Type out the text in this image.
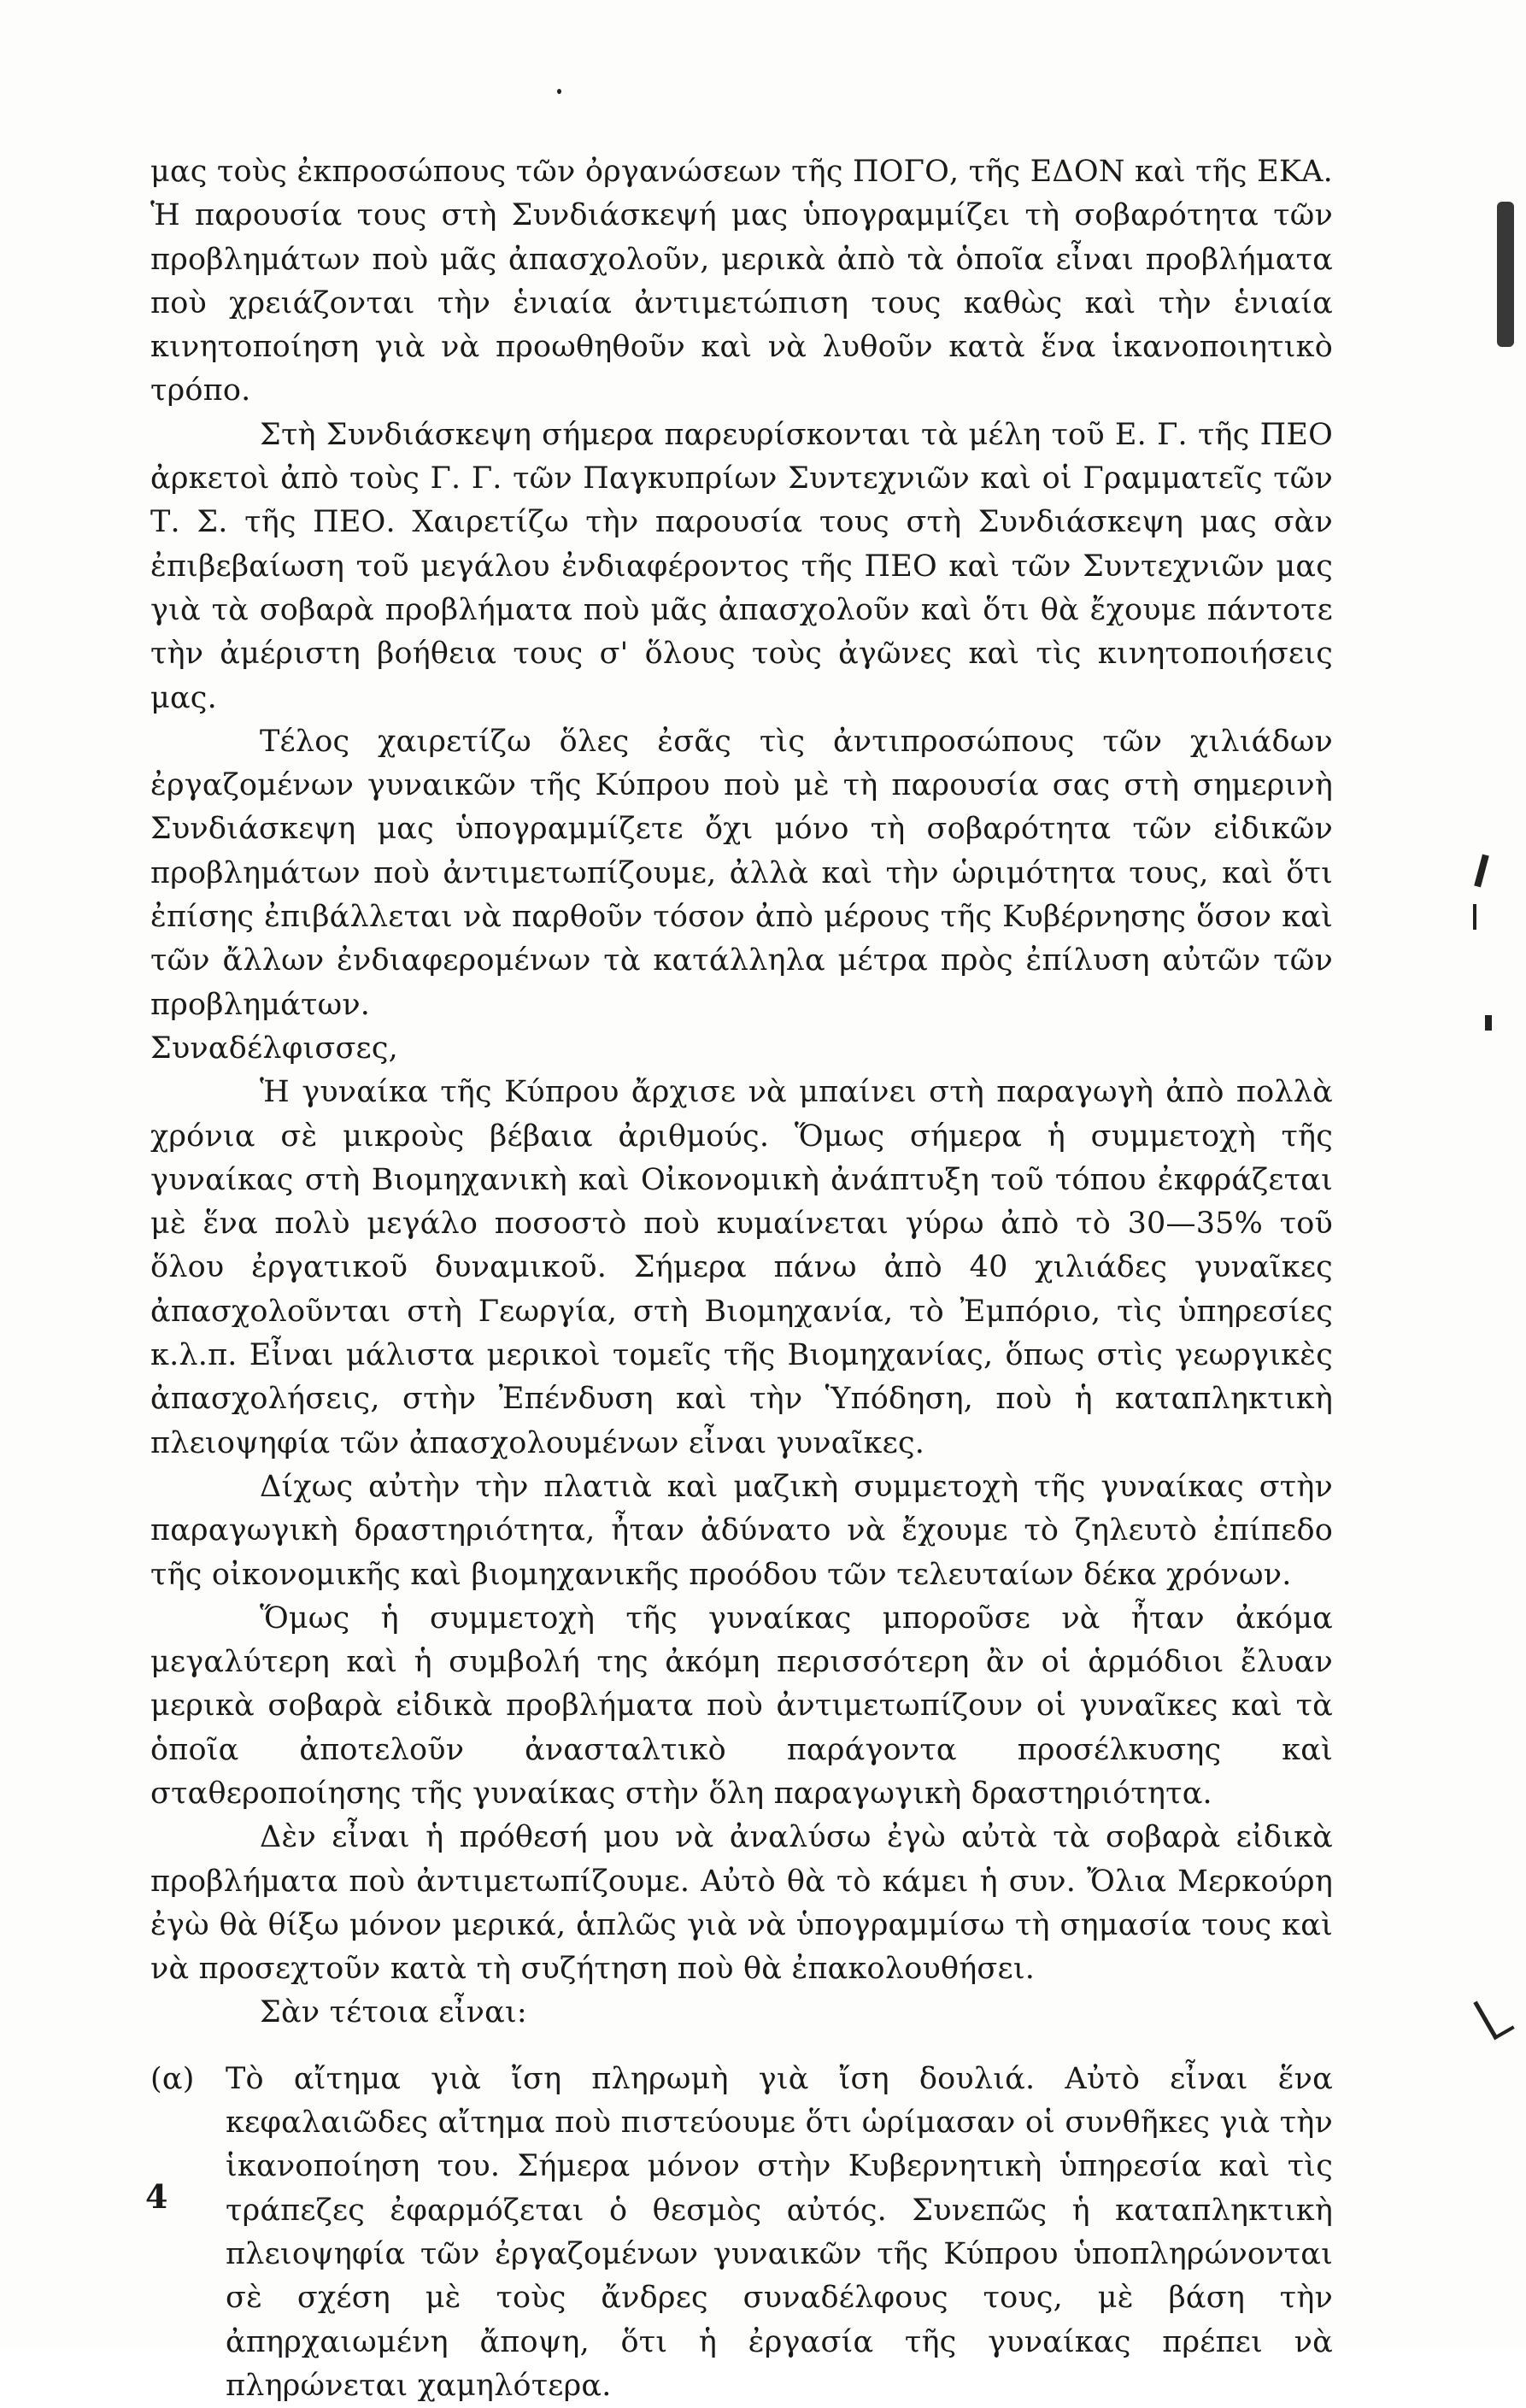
μας τοὺς ἐκπροσώπους τῶν ὀργανώσεων τῆς ΠΟΓΟ, τῆς ΕΔΟΝ καὶ τῆς ΕΚΑ. Ἡ παρουσία τους στὴ Συνδιάσκεψή μας ὑπογραμμίζει τὴ σοβαρότητα τῶν προβλημάτων ποὺ μᾶς ἀπασχολοῦν, μερικὰ ἀπὸ τὰ ὁποῖα εἶναι προβλήματα ποὺ χρειάζονται τὴν ἑνιαία ἀντιμετώπιση τους καθὼς καὶ τὴν ἑνιαία κινητοποίηση γιὰ νὰ προωθηθοῦν καὶ νὰ λυθοῦν κατὰ ἕνα ἱκανοποιητικὸ τρόπο.

Στὴ Συνδιάσκεψη σήμερα παρευρίσκονται τὰ μέλη τοῦ Ε. Γ. τῆς ΠΕΟ ἀρκετοὶ ἀπὸ τοὺς Γ. Γ. τῶν Παγκυπρίων Συντεχνιῶν καὶ οἱ Γραμματεῖς τῶν Τ. Σ. τῆς ΠΕΟ. Χαιρετίζω τὴν παρουσία τους στὴ Συνδιάσκεψη μας σὰν ἐπιβεβαίωση τοῦ μεγάλου ἐνδιαφέροντος τῆς ΠΕΟ καὶ τῶν Συντεχνιῶν μας γιὰ τὰ σοβαρὰ προβλήματα ποὺ μᾶς ἀπασχολοῦν καὶ ὅτι θὰ ἔχουμε πάντοτε τὴν ἀμέριστη βοήθεια τους σ' ὅλους τοὺς ἀγῶνες καὶ τὶς κινητοποιήσεις μας.

Τέλος χαιρετίζω ὅλες ἐσᾶς τὶς ἀντιπροσώπους τῶν χιλιάδων ἐργαζομένων γυναικῶν τῆς Κύπρου ποὺ μὲ τὴ παρουσία σας στὴ σημερινὴ Συνδιάσκεψη μας ὑπογραμμίζετε ὄχι μόνο τὴ σοβαρότητα τῶν εἰδικῶν προβλημάτων ποὺ ἀντιμετωπίζουμε, ἀλλὰ καὶ τὴν ὡριμότητα τους, καὶ ὅτι ἐπίσης ἐπιβάλλεται νὰ παρθοῦν τόσον ἀπὸ μέρους τῆς Κυβέρνησης ὅσον καὶ τῶν ἄλλων ἐνδιαφερομένων τὰ κατάλληλα μέτρα πρὸς ἐπίλυση αὐτῶν τῶν προβλημάτων.

Συναδέλφισσες,

Ἡ γυναίκα τῆς Κύπρου ἄρχισε νὰ μπαίνει στὴ παραγωγὴ ἀπὸ πολλὰ χρόνια σὲ μικροὺς βέβαια ἀριθμούς. Ὅμως σήμερα ἡ συμμετοχὴ τῆς γυναίκας στὴ Βιομηχανικὴ καὶ Οἰκονομικὴ ἀνάπτυξη τοῦ τόπου ἐκφράζεται μὲ ἕνα πολὺ μεγάλο ποσοστὸ ποὺ κυμαίνεται γύρω ἀπὸ τὸ 30—35% τοῦ ὅλου ἐργατικοῦ δυναμικοῦ. Σήμερα πάνω ἀπὸ 40 χιλιάδες γυναῖκες ἀπασχολοῦνται στὴ Γεωργία, στὴ Βιομηχανία, τὸ Ἐμπόριο, τὶς ὑπηρεσίες κ.λ.π. Εἶναι μάλιστα μερικοὶ τομεῖς τῆς Βιομηχανίας, ὅπως στὶς γεωργικὲς ἀπασχολήσεις, στὴν Ἐπένδυση καὶ τὴν Ὑπόδηση, ποὺ ἡ καταπληκτικὴ πλειοψηφία τῶν ἀπασχολουμένων εἶναι γυναῖκες.

Δίχως αὐτὴν τὴν πλατιὰ καὶ μαζικὴ συμμετοχὴ τῆς γυναίκας στὴν παραγωγικὴ δραστηριότητα, ἦταν ἀδύνατο νὰ ἔχουμε τὸ ζηλευτὸ ἐπίπεδο τῆς οἰκονομικῆς καὶ βιομηχανικῆς προόδου τῶν τελευταίων δέκα χρόνων.

Ὅμως ἡ συμμετοχὴ τῆς γυναίκας μποροῦσε νὰ ἦταν ἀκόμα μεγαλύτερη καὶ ἡ συμβολή της ἀκόμη περισσότερη ἂν οἱ ἁρμόδιοι ἔλυαν μερικὰ σοβαρὰ εἰδικὰ προβλήματα ποὺ ἀντιμετωπίζουν οἱ γυναῖκες καὶ τὰ ὁποῖα ἀποτελοῦν ἀνασταλτικὸ παράγοντα προσέλκυσης καὶ σταθεροποίησης τῆς γυναίκας στὴν ὅλη παραγωγικὴ δραστηριότητα.

Δὲν εἶναι ἡ πρόθεσή μου νὰ ἀναλύσω ἐγὼ αὐτὰ τὰ σοβαρὰ εἰδικὰ προβλήματα ποὺ ἀντιμετωπίζουμε. Αὐτὸ θὰ τὸ κάμει ἡ συν. Ὄλια Μερκούρη ἐγὼ θὰ θίξω μόνον μερικά, ἁπλῶς γιὰ νὰ ὑπογραμμίσω τὴ σημασία τους καὶ νὰ προσεχτοῦν κατὰ τὴ συζήτηση ποὺ θὰ ἐπακολουθήσει.

Σὰν τέτοια εἶναι:

(α)	Τὸ αἴτημα γιὰ ἴση πληρωμὴ γιὰ ἴση δουλιά. Αὐτὸ εἶναι ἕνα κεφαλαιῶδες αἴτημα ποὺ πιστεύουμε ὅτι ὡρίμασαν οἱ συνθῆκες γιὰ τὴν ἱκανοποίηση του. Σήμερα μόνον στὴν Κυβερνητικὴ ὑπηρεσία καὶ τὶς τράπεζες ἐφαρμόζεται ὁ θεσμὸς αὐτός. Συνεπῶς ἡ καταπληκτικὴ πλειοψηφία τῶν ἐργαζομένων γυναικῶν τῆς Κύπρου ὑποπληρώνονται σὲ σχέση μὲ τοὺς ἄνδρες συναδέλφους τους, μὲ βάση τὴν ἀπηρχαιωμένη ἄποψη, ὅτι ἡ ἐργασία τῆς γυναίκας πρέπει νὰ πληρώνεται χαμηλότερα.
4
